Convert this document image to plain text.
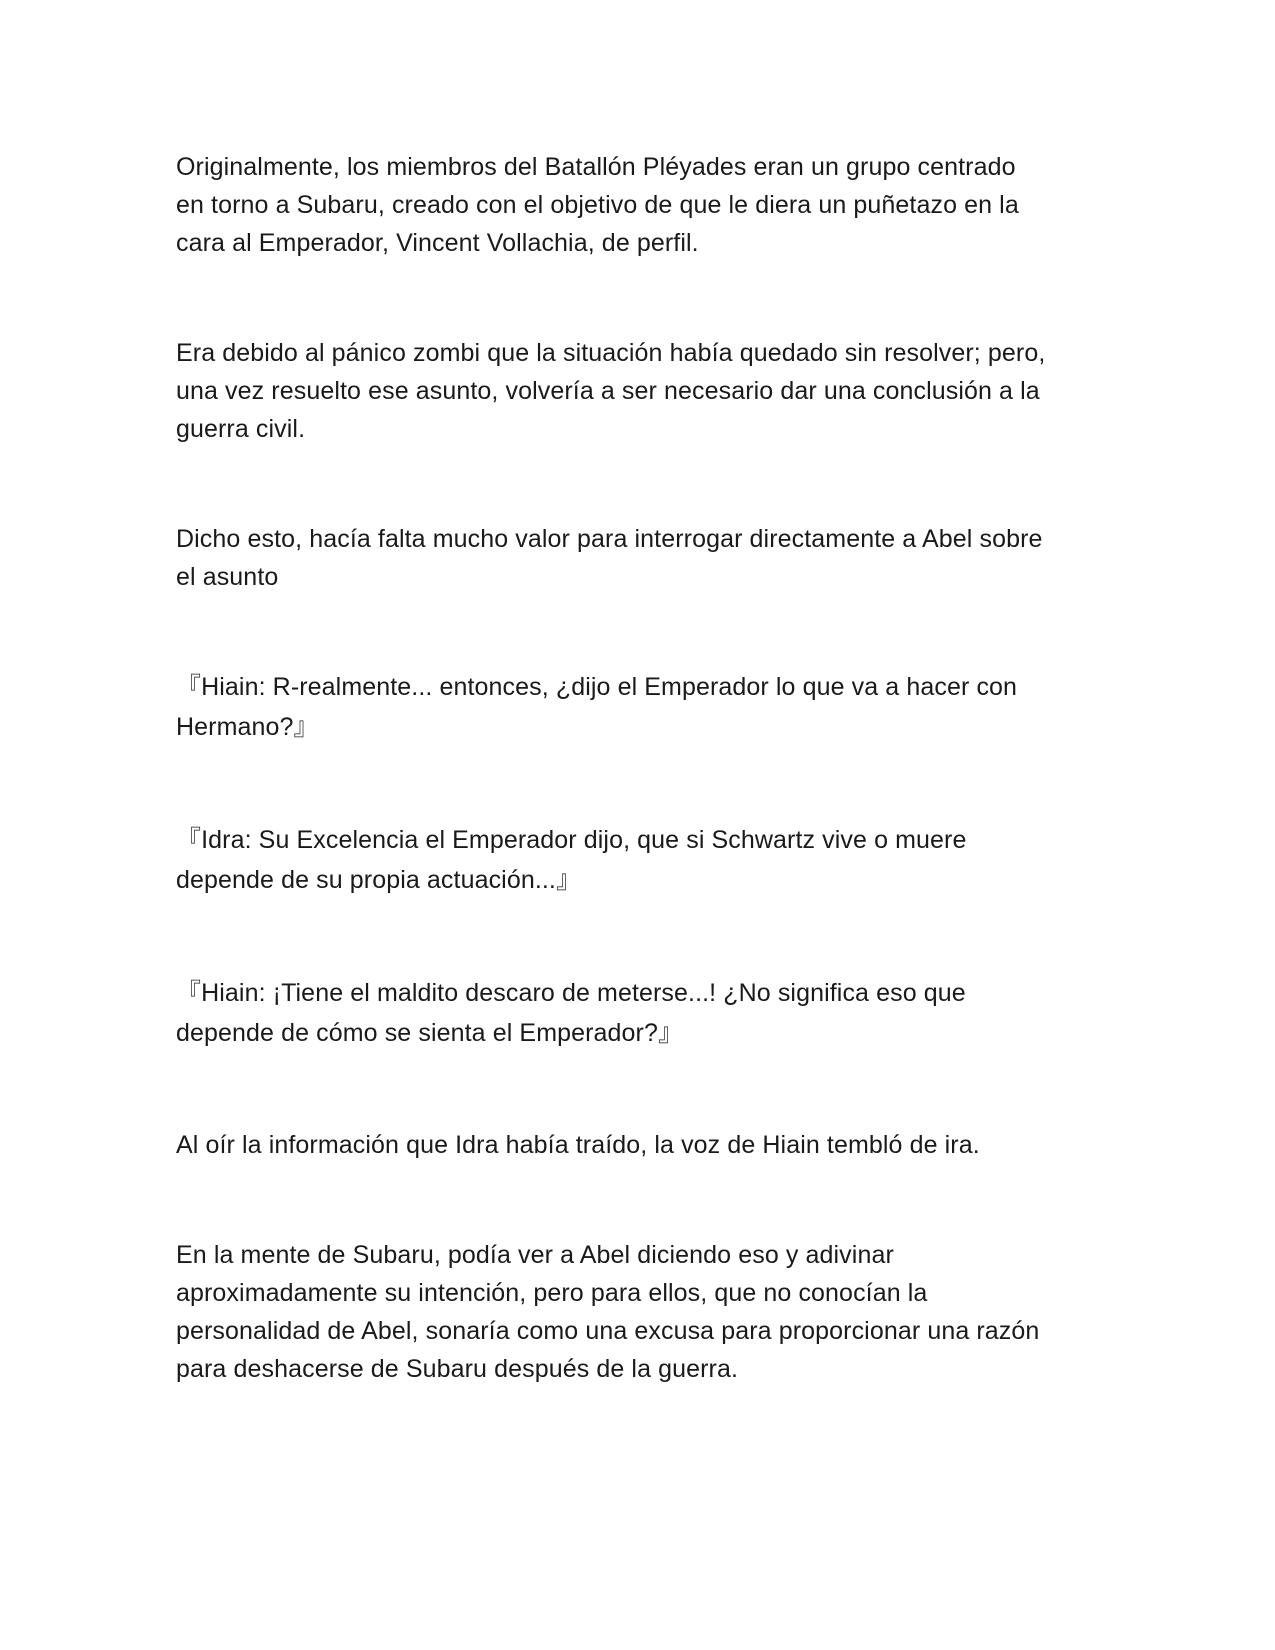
Originalmente, los miembros del Batallón Pléyades eran un grupo centrado
en torno a Subaru, creado con el objetivo de que le diera un puñetazo en la
cara al Emperador, Vincent Vollachia, de perfil.

Era debido al pánico zombi que la situación había quedado sin resolver; pero,
una vez resuelto ese asunto, volvería a ser necesario dar una conclusión a la
guerra civil.

Dicho esto, hacía falta mucho valor para interrogar directamente a Abel sobre
el asunto

『Hiain: R-realmente... entonces, ¿dijo el Emperador lo que va a hacer con
Hermano?』

『Idra: Su Excelencia el Emperador dijo, que si Schwartz vive o muere
depende de su propia actuación...』

『Hiain: ¡Tiene el maldito descaro de meterse...! ¿No significa eso que
depende de cómo se sienta el Emperador?』

Al oír la información que Idra había traído, la voz de Hiain tembló de ira.

En la mente de Subaru, podía ver a Abel diciendo eso y adivinar
aproximadamente su intención, pero para ellos, que no conocían la
personalidad de Abel, sonaría como una excusa para proporcionar una razón
para deshacerse de Subaru después de la guerra.
